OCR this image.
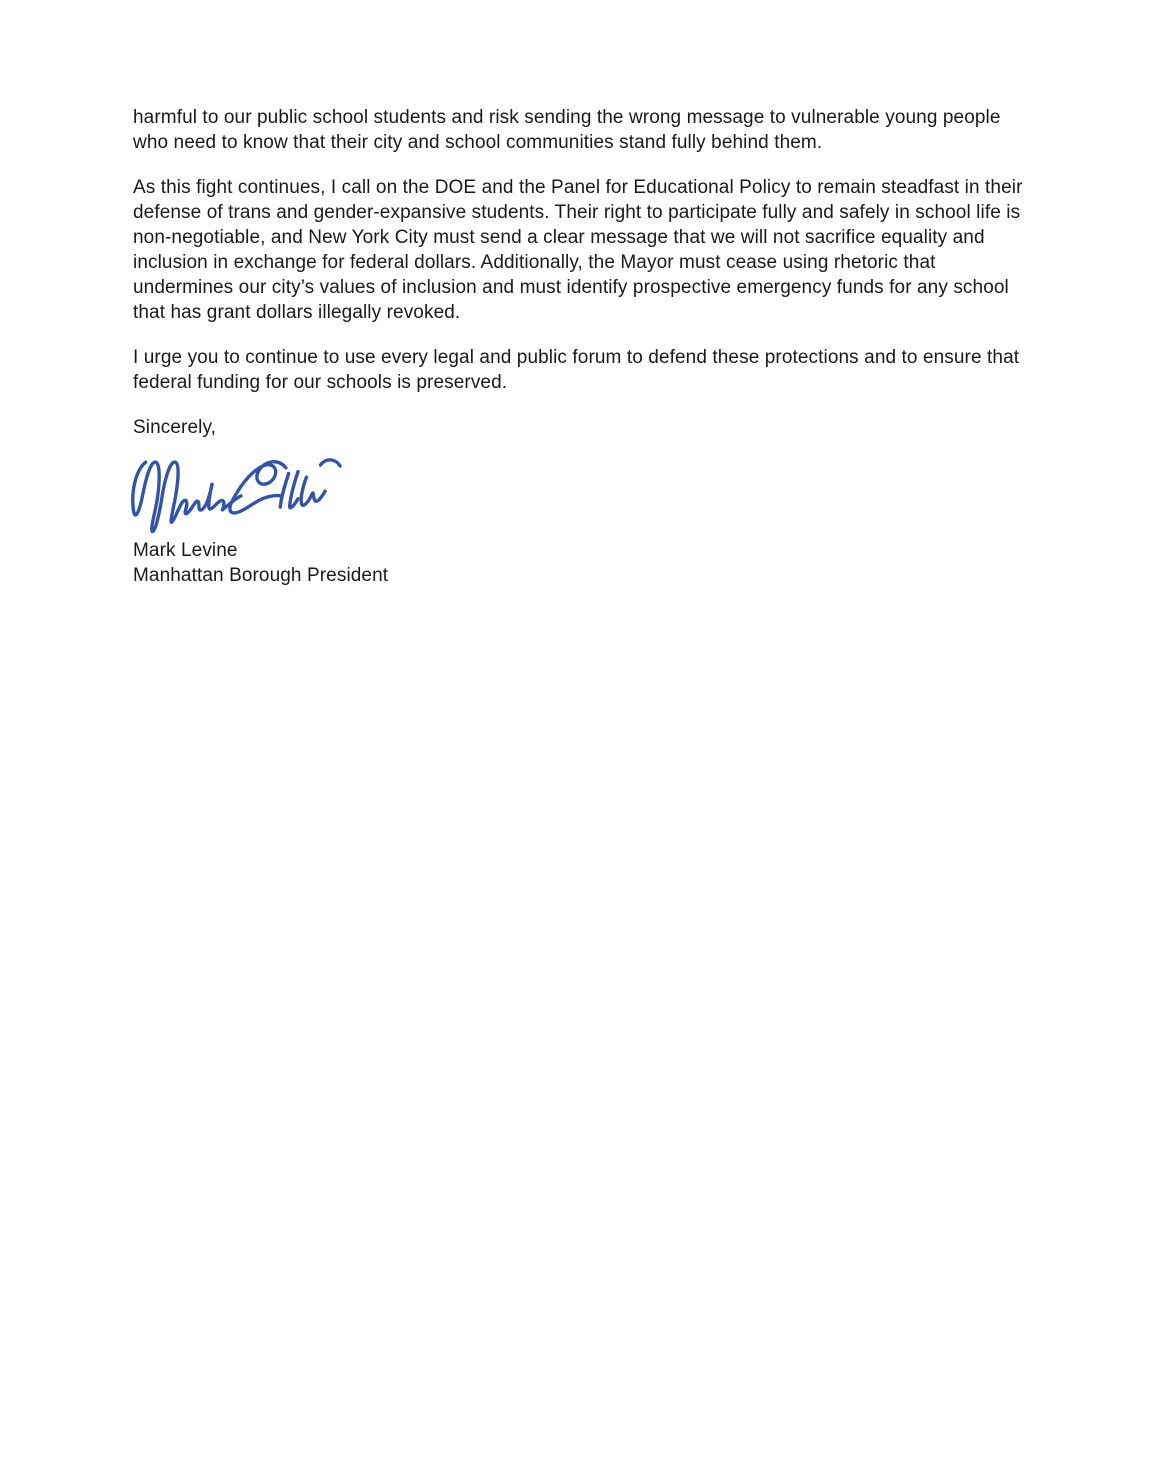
harmful to our public school students and risk sending the wrong message to vulnerable young people who need to know that their city and school communities stand fully behind them.

As this fight continues, I call on the DOE and the Panel for Educational Policy to remain steadfast in their defense of trans and gender-expansive students. Their right to participate fully and safely in school life is non-negotiable, and New York City must send a clear message that we will not sacrifice equality and inclusion in exchange for federal dollars. Additionally, the Mayor must cease using rhetoric that undermines our city’s values of inclusion and must identify prospective emergency funds for any school that has grant dollars illegally revoked.

I urge you to continue to use every legal and public forum to defend these protections and to ensure that federal funding for our schools is preserved.

Sincerely,

Mark Levine

Manhattan Borough President
